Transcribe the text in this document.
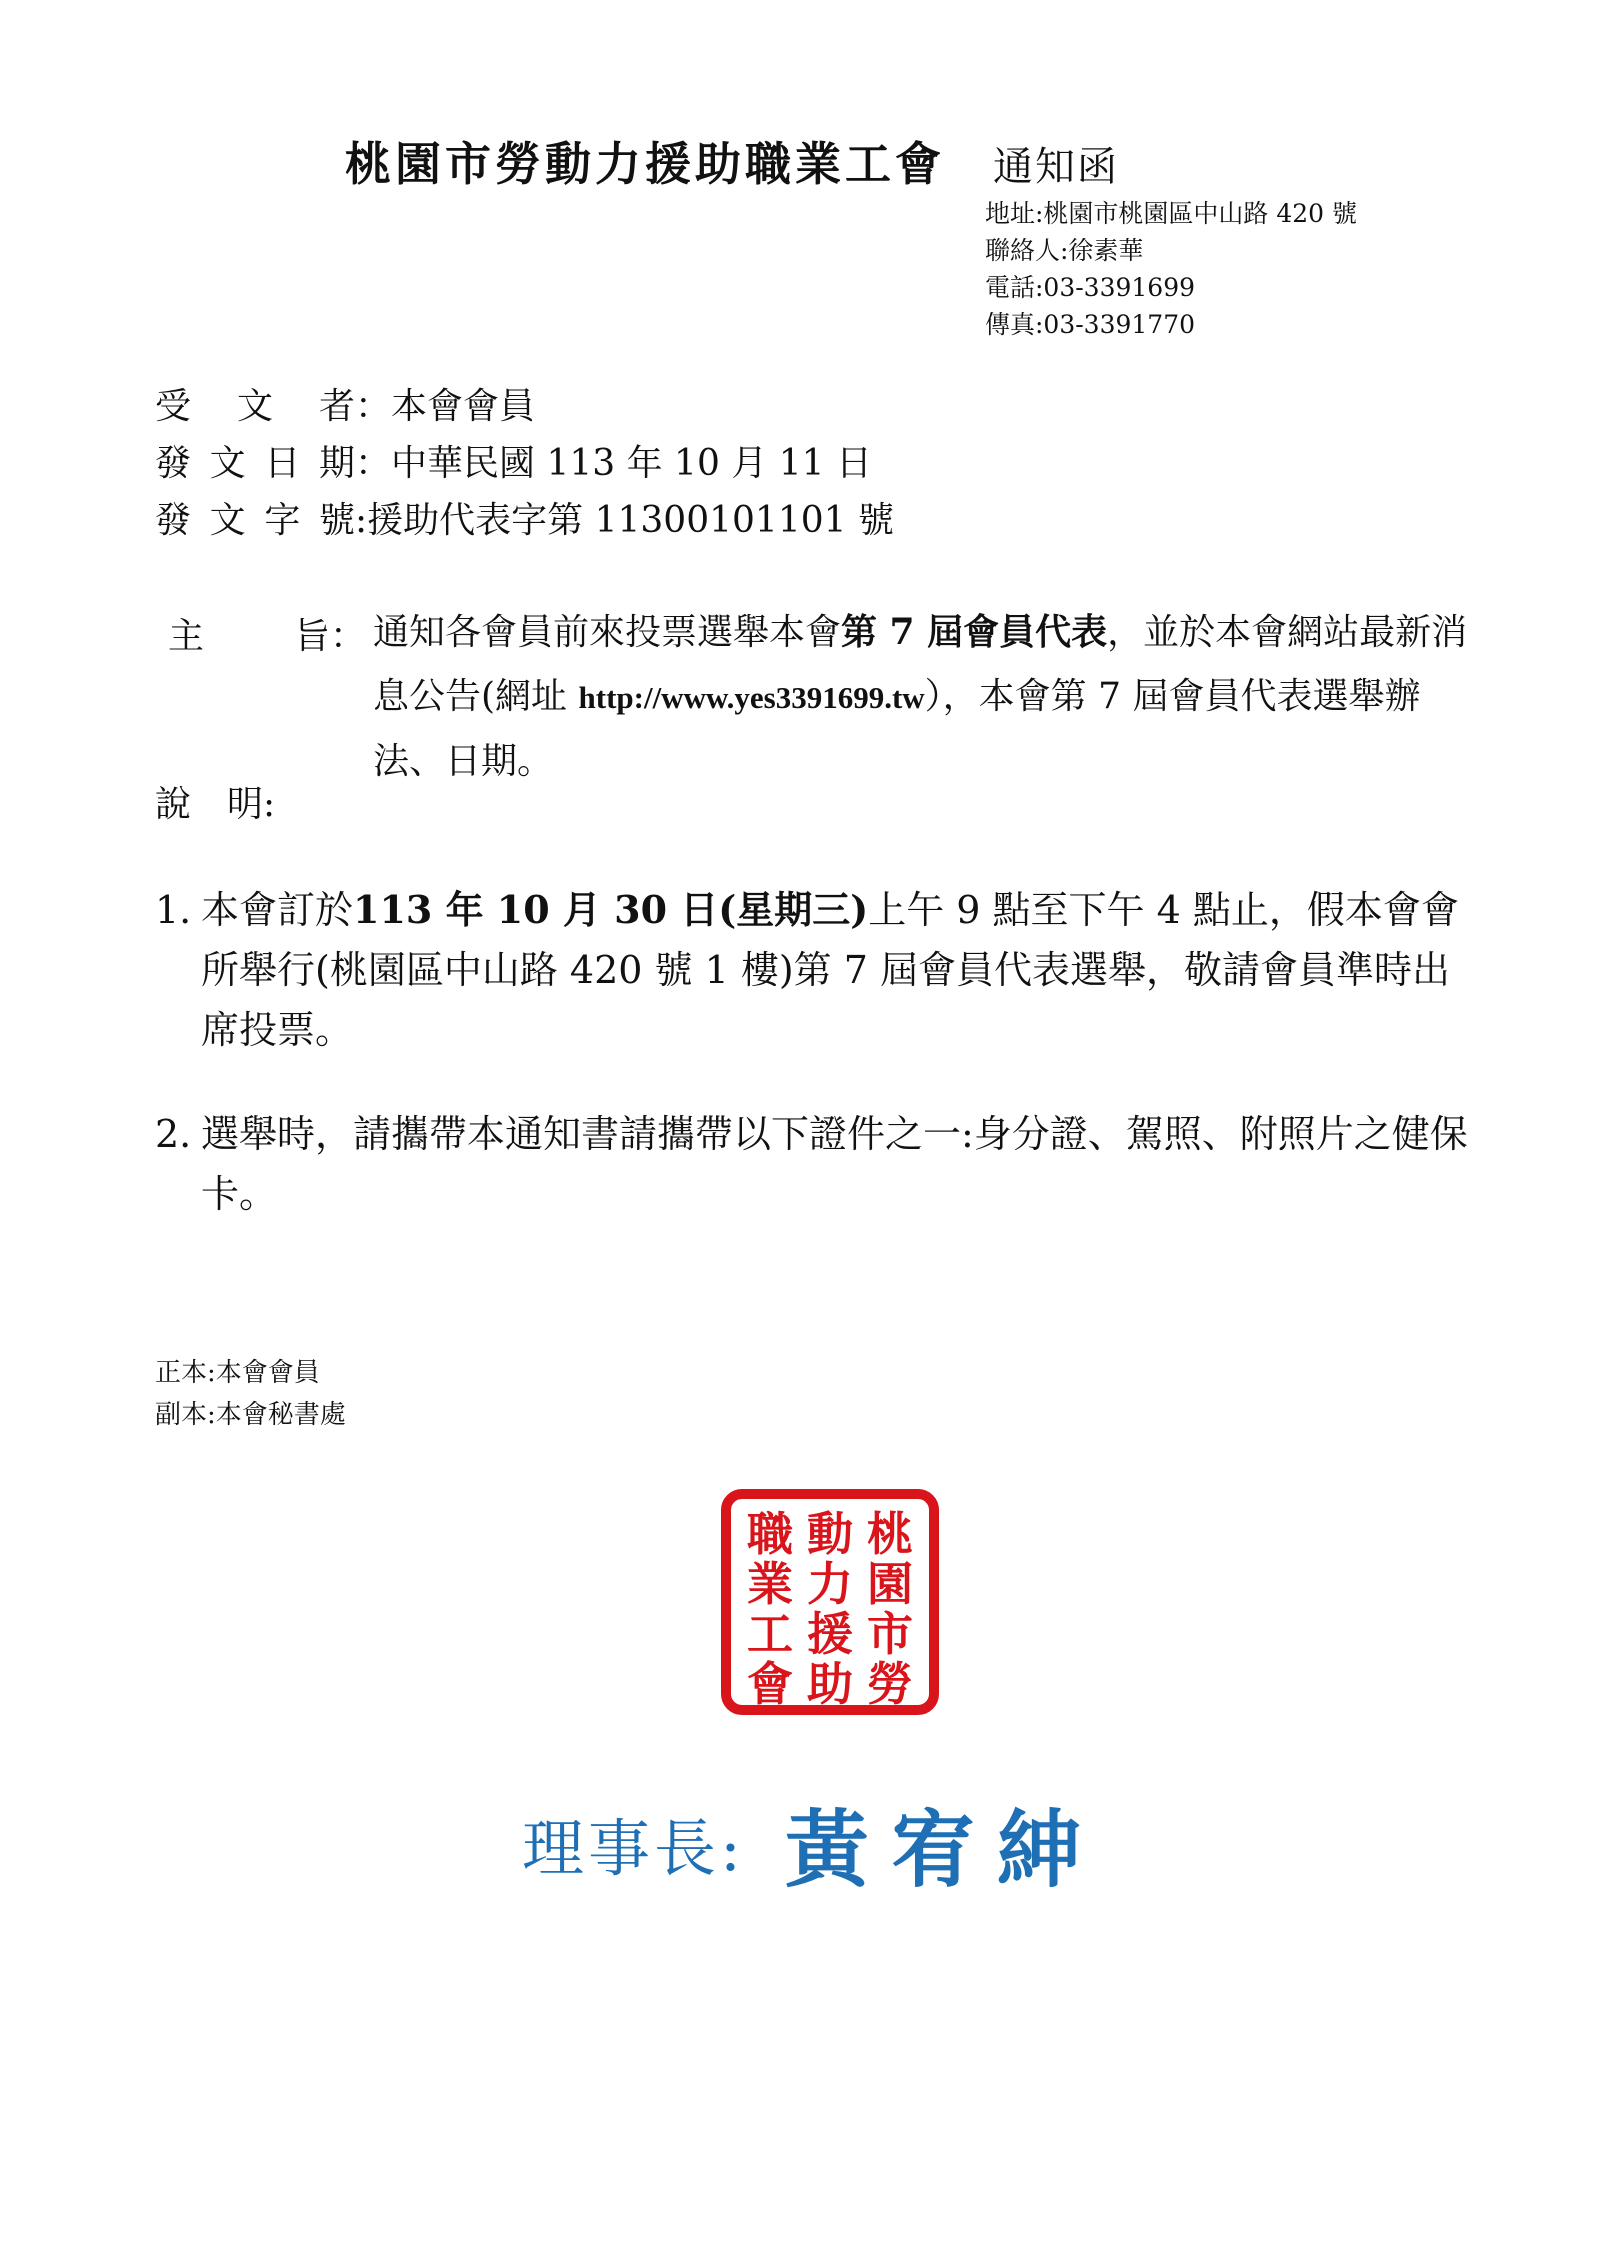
桃園市勞動力援助職業工會 通知函
地址:桃園市桃園區中山路 420 號
聯絡人:徐素華
電話:03-3391699
傳真:03-3391770
受文者：本會會員
發文日期：中華民國 113 年 10 月 11 日
發文字號:援助代表字第 11300101101 號
主	旨： 通知各會員前來投票選舉本會第 7 屆會員代表，並於本會網站最新消息公告(網址 http://www.yes3391699.tw），本會第 7 屆會員代表選舉辦法、日期。
說　明:
1. 本會訂於113 年 10 月 30 日(星期三)上午 9 點至下午 4 點止，假本會會所舉行(桃園區中山路 420 號 1 樓)第 7 屆會員代表選舉，敬請會員準時出席投票。
2. 選舉時，請攜帶本通知書請攜帶以下證件之一:身分證、駕照、附照片之健保卡。
正本:本會會員
副本:本會秘書處
桃
園
市
勞
動
力
援
助
職
業
工
會
理事長: 黃宥紳
